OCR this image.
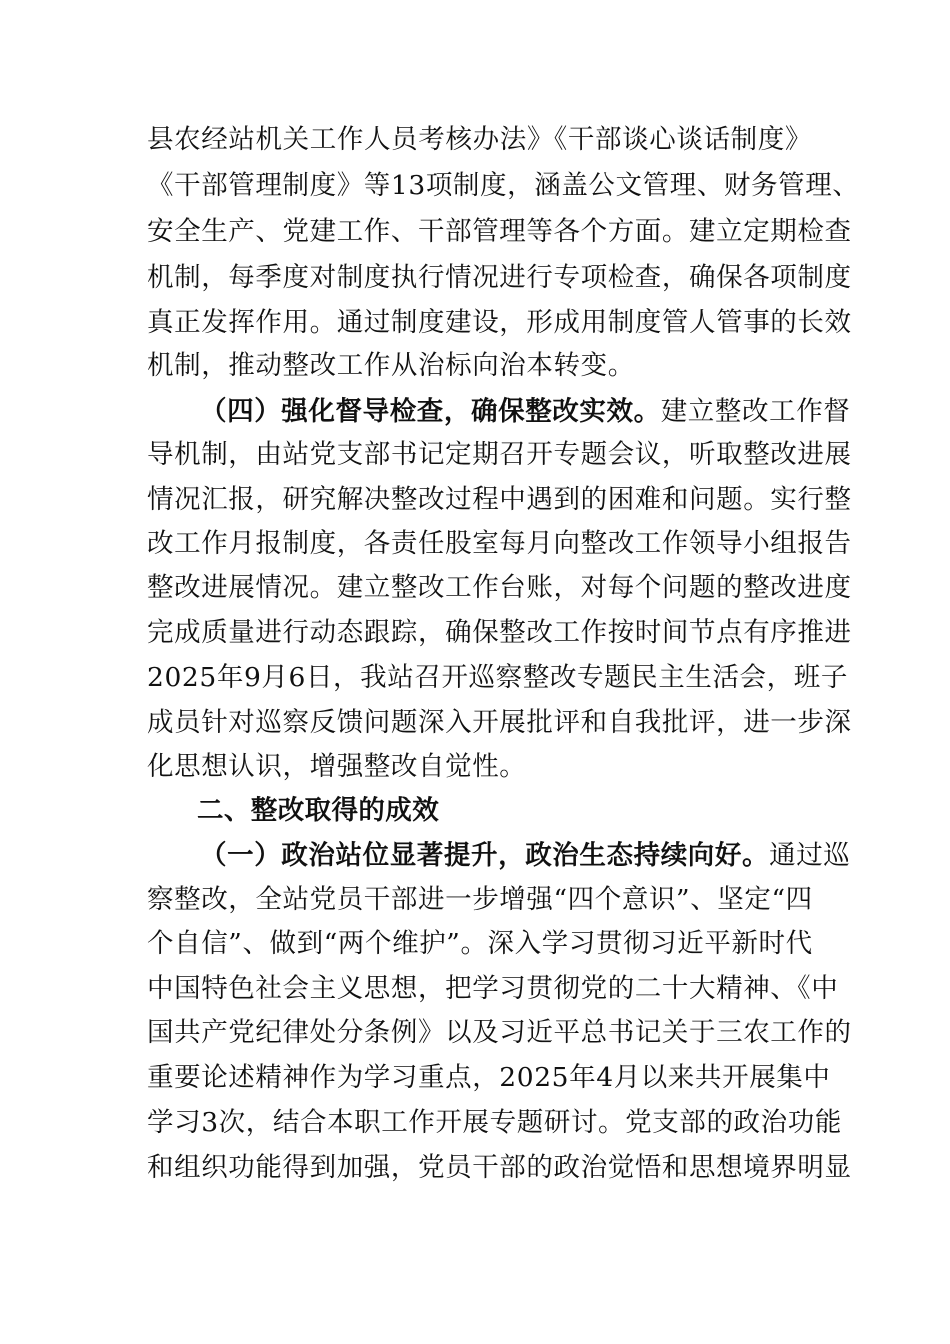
县农经站机关工作人员考核办法》《干部谈心谈话制度》
《干部管理制度》等13项制度，涵盖公文管理、财务管理、
安全生产、党建工作、干部管理等各个方面。建立定期检查
机制，每季度对制度执行情况进行专项检查，确保各项制度
真正发挥作用。通过制度建设，形成用制度管人管事的长效
机制，推动整改工作从治标向治本转变。
（四）强化督导检查，确保整改实效。建立整改工作督
导机制，由站党支部书记定期召开专题会议，听取整改进展
情况汇报，研究解决整改过程中遇到的困难和问题。实行整
改工作月报制度，各责任股室每月向整改工作领导小组报告
整改进展情况。建立整改工作台账，对每个问题的整改进度
完成质量进行动态跟踪，确保整改工作按时间节点有序推进
2025年9月6日，我站召开巡察整改专题民主生活会，班子
成员针对巡察反馈问题深入开展批评和自我批评，进一步深
化思想认识，增强整改自觉性。
二、整改取得的成效
（一）政治站位显著提升，政治生态持续向好。通过巡
察整改，全站党员干部进一步增强“四个意识”、坚定“四
个自信”、做到“两个维护”。深入学习贯彻习近平新时代
中国特色社会主义思想，把学习贯彻党的二十大精神、《中
国共产党纪律处分条例》以及习近平总书记关于三农工作的
重要论述精神作为学习重点，2025年4月以来共开展集中
学习3次，结合本职工作开展专题研讨。党支部的政治功能
和组织功能得到加强，党员干部的政治觉悟和思想境界明显
